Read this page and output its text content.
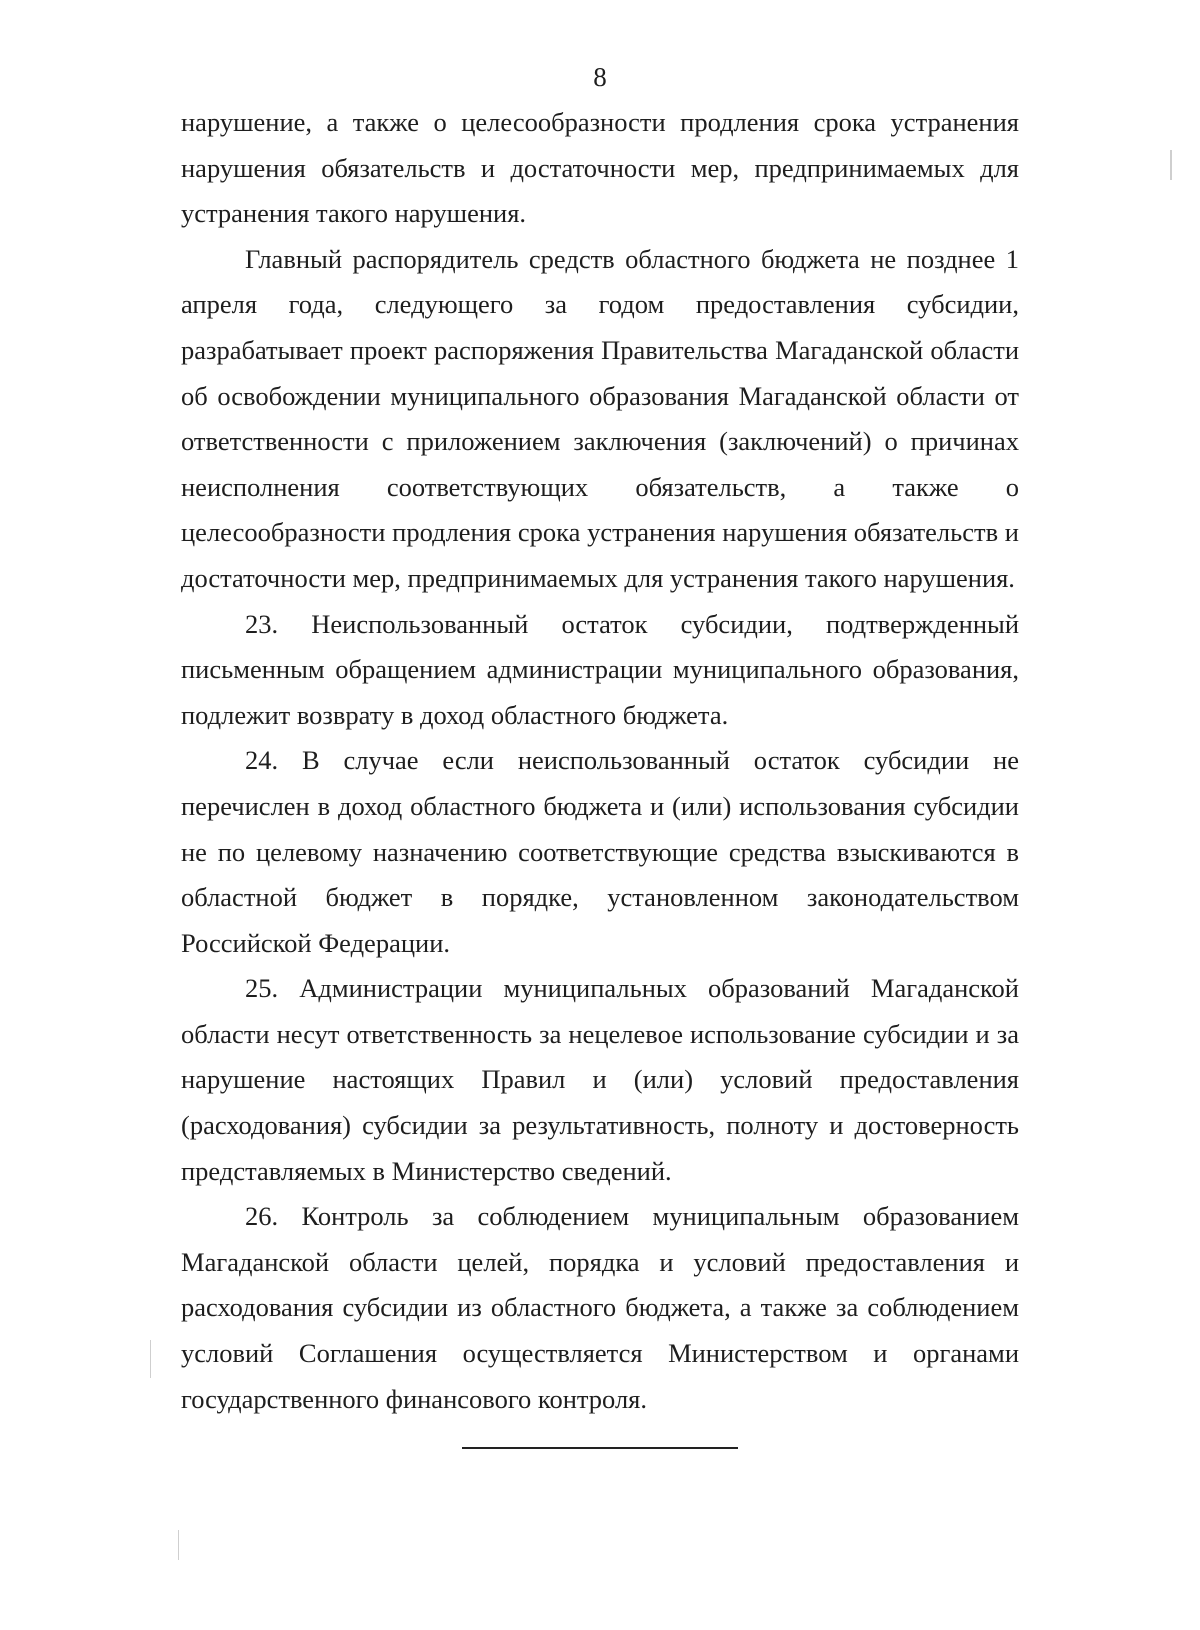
8

нарушение, а также о целесообразности продления срока устранения нарушения обязательств и достаточности мер, предпринимаемых для устранения такого нарушения.

Главный распорядитель средств областного бюджета не позднее 1 апреля года, следующего за годом предоставления субсидии, разрабатывает проект распоряжения Правительства Магаданской области об освобождении муниципального образования Магаданской области от ответственности с приложением заключения (заключений) о причинах неисполнения соответствующих обязательств, а также о целесообразности продления срока устранения нарушения обязательств и достаточности мер, предпринимаемых для устранения такого нарушения.

23. Неиспользованный остаток субсидии, подтвержденный письменным обращением администрации муниципального образования, подлежит возврату в доход областного бюджета.

24. В случае если неиспользованный остаток субсидии не перечислен в доход областного бюджета и (или) использования субсидии не по целевому назначению соответствующие средства взыскиваются в областной бюджет в порядке, установленном законодательством Российской Федерации.

25. Администрации муниципальных образований Магаданской области несут ответственность за нецелевое использование субсидии и за нарушение настоящих Правил и (или) условий предоставления (расходования) субсидии за результативность, полноту и достоверность представляемых в Министерство сведений.

26. Контроль за соблюдением муниципальным образованием Магаданской области целей, порядка и условий предоставления и расходования субсидии из областного бюджета, а также за соблюдением условий Соглашения осуществляется Министерством и органами государственного финансового контроля.
